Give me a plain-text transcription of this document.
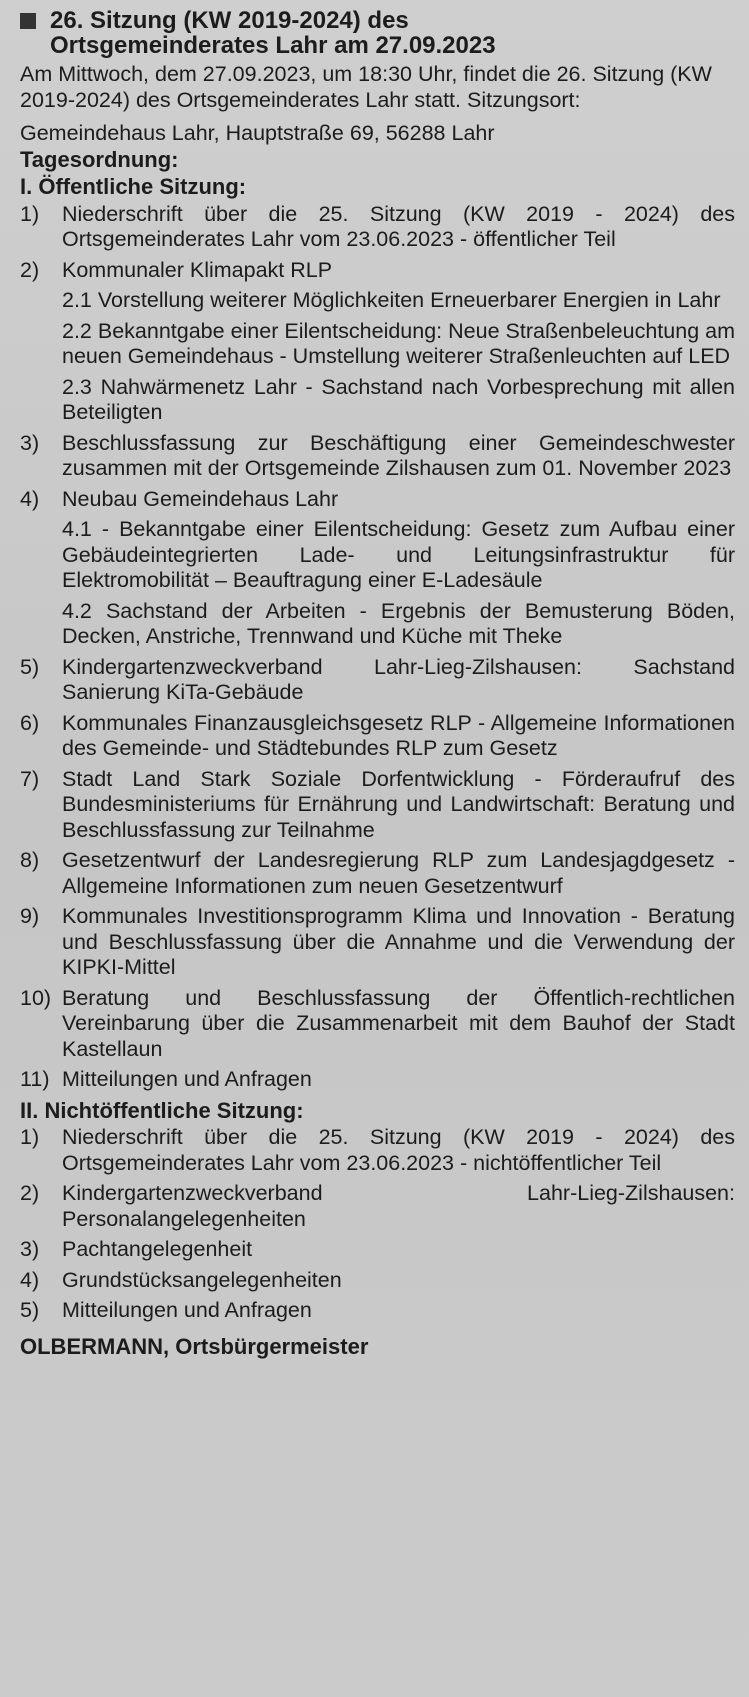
26. Sitzung (KW 2019-2024) des
Ortsgemeinderates Lahr am 27.09.2023

Am Mittwoch, dem 27.09.2023, um 18:30 Uhr, findet die 26. Sitzung (KW 2019-2024) des Ortsgemeinderates Lahr statt. Sitzungsort:

Gemeindehaus Lahr, Hauptstraße 69, 56288 Lahr

Tagesordnung:
I. Öffentliche Sitzung:
1) Niederschrift über die 25. Sitzung (KW 2019 - 2024) des Ortsgemeinderates Lahr vom 23.06.2023 - öffentlicher Teil
2) Kommunaler Klimapakt RLP
2.1 Vorstellung weiterer Möglichkeiten Erneuerbarer Energien in Lahr
2.2 Bekanntgabe einer Eilentscheidung: Neue Straßenbeleuchtung am neuen Gemeindehaus - Umstellung weiterer Straßenleuchten auf LED
2.3 Nahwärmenetz Lahr - Sachstand nach Vorbesprechung mit allen Beteiligten
3) Beschlussfassung zur Beschäftigung einer Gemeindeschwester zusammen mit der Ortsgemeinde Zilshausen zum 01. November 2023
4) Neubau Gemeindehaus Lahr
4.1 - Bekanntgabe einer Eilentscheidung: Gesetz zum Aufbau einer Gebäudeintegrierten Lade- und Leitungsinfrastruktur für Elektromobilität – Beauftragung einer E-Ladesäule
4.2 Sachstand der Arbeiten - Ergebnis der Bemusterung Böden, Decken, Anstriche, Trennwand und Küche mit Theke
5) Kindergartenzweckverband Lahr-Lieg-Zilshausen: Sachstand Sanierung KiTa-Gebäude
6) Kommunales Finanzausgleichsgesetz RLP - Allgemeine Informationen des Gemeinde- und Städtebundes RLP zum Gesetz
7) Stadt Land Stark Soziale Dorfentwicklung - Förderaufruf des Bundesministeriums für Ernährung und Landwirtschaft: Beratung und Beschlussfassung zur Teilnahme
8) Gesetzentwurf der Landesregierung RLP zum Landesjagdgesetz - Allgemeine Informationen zum neuen Gesetzentwurf
9) Kommunales Investitionsprogramm Klima und Innovation - Beratung und Beschlussfassung über die Annahme und die Verwendung der KIPKI-Mittel
10) Beratung und Beschlussfassung der Öffentlich-rechtlichen Vereinbarung über die Zusammenarbeit mit dem Bauhof der Stadt Kastellaun
11) Mitteilungen und Anfragen
II. Nichtöffentliche Sitzung:
1) Niederschrift über die 25. Sitzung (KW 2019 - 2024) des Ortsgemeinderates Lahr vom 23.06.2023 - nichtöffentlicher Teil
2) Kindergartenzweckverband Lahr-Lieg-Zilshausen: Personalangelegenheiten
3) Pachtangelegenheit
4) Grundstücksangelegenheiten
5) Mitteilungen und Anfragen
OLBERMANN, Ortsbürgermeister
